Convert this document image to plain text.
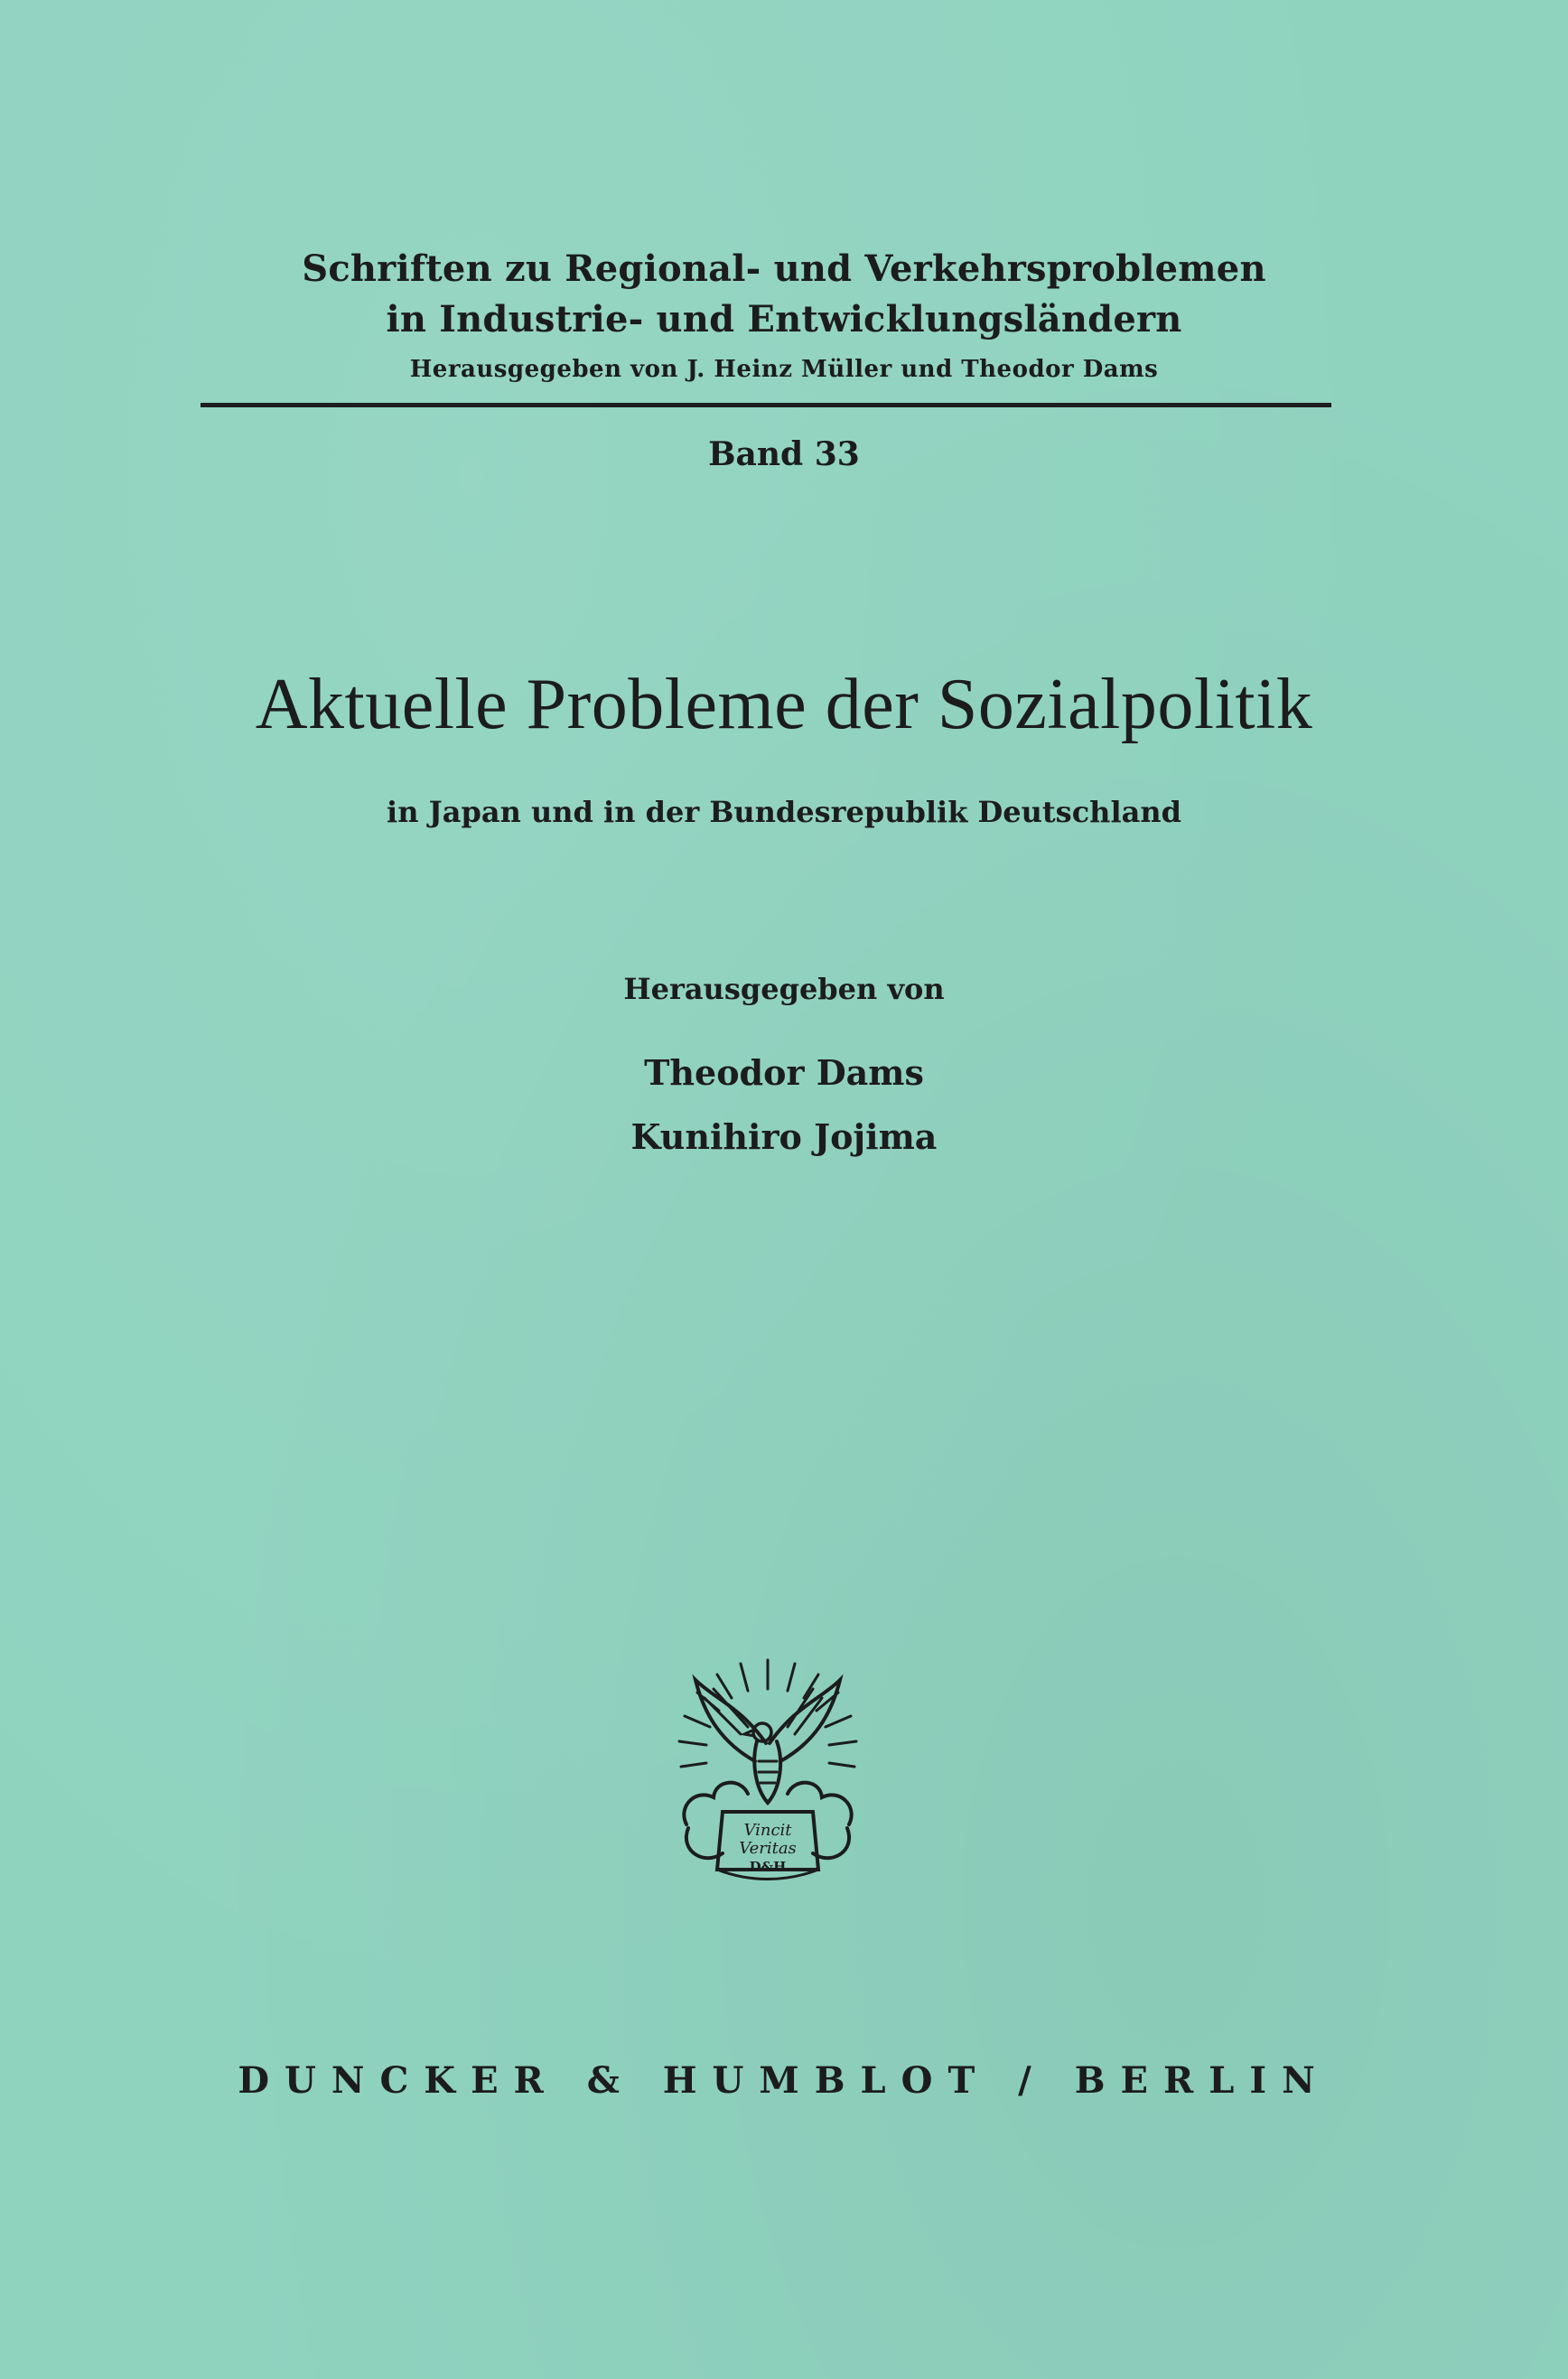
Schriften zu Regional- und Verkehrsproblemen
in Industrie- und Entwicklungsländern
Herausgegeben von J. Heinz Müller und Theodor Dams
Band 33
Aktuelle Probleme der Sozialpolitik
in Japan und in der Bundesrepublik Deutschland
Herausgegeben von
Theodor Dams
Kunihiro Jojima
Vincit
Veritas
D&H
DUNCKER & HUMBLOT / BERLIN
